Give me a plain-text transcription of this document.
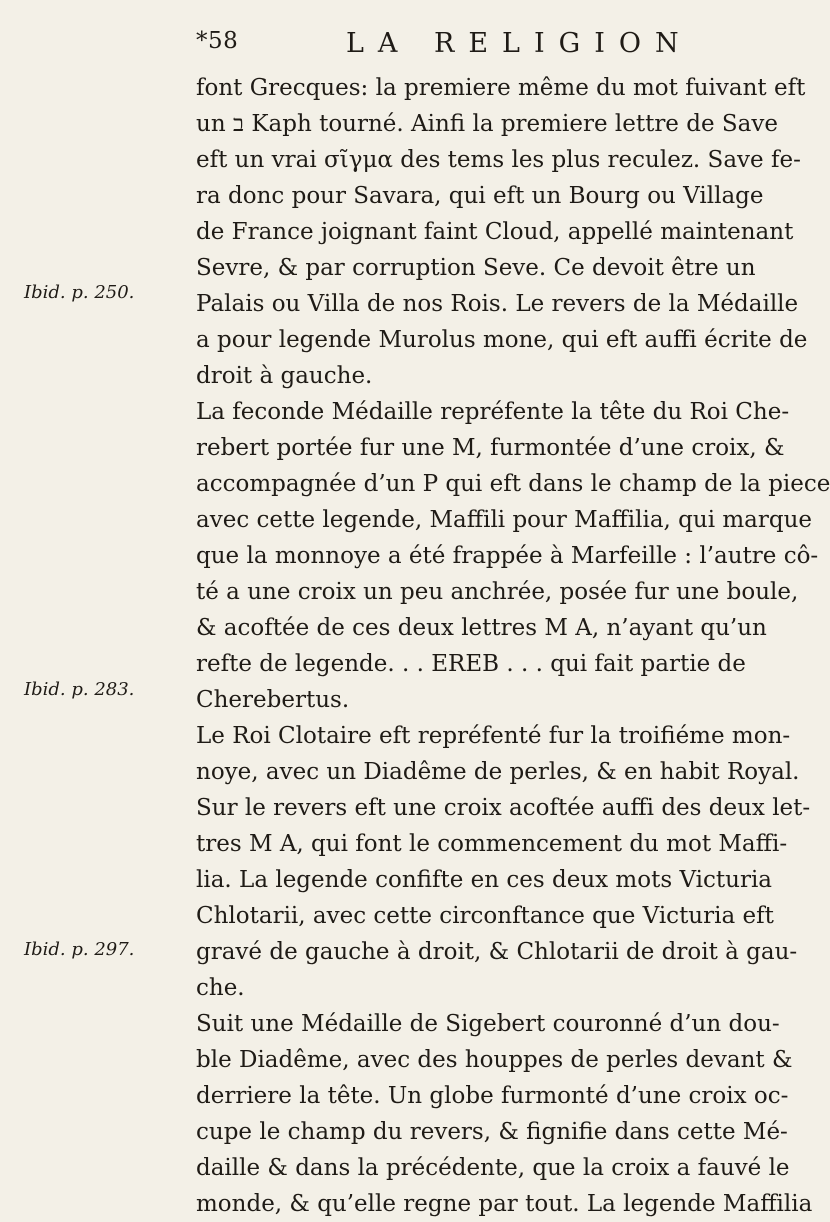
*58	LA RELIGION
Ibid. p. 250.
Ibid. p. 283.
Ibid. p. 297.
font Grecques: la premiere même du mot fuivant eft
un ב Kaph tourné. Ainfi la premiere lettre de Save
eft un vrai σῖγμα des tems les plus reculez. Save fe-
ra donc pour Savara, qui eft un Bourg ou Village
de France joignant faint Cloud, appellé maintenant
Sevre, & par corruption Seve. Ce devoit être un
Palais ou Villa de nos Rois. Le revers de la Médaille
a pour legende Murolus mone, qui eft auffi écrite de
droit à gauche.
La feconde Médaille repréfente la tête du Roi Che-
rebert portée fur une M, furmontée d’une croix, &
accompagnée d’un P qui eft dans le champ de la piece
avec cette legende, Maffili pour Maffilia, qui marque
que la monnoye a été frappée à Marfeille : l’autre cô-
té a une croix un peu anchrée, posée fur une boule,
& acoftée de ces deux lettres M A, n’ayant qu’un
refte de legende. . . EREB . . . qui fait partie de
Cherebertus.
Le Roi Clotaire eft repréfenté fur la troifiéme mon-
noye, avec un Diadême de perles, & en habit Royal.
Sur le revers eft une croix acoftée auffi des deux let-
tres M A, qui font le commencement du mot Maffi-
lia. La legende confifte en ces deux mots Victuria
Chlotarii, avec cette circonftance que Victuria eft
gravé de gauche à droit, & Chlotarii de droit à gau-
che.
Suit une Médaille de Sigebert couronné d’un dou-
ble Diadême, avec des houppes de perles devant &
derriere la tête. Un globe furmonté d’une croix oc-
cupe le champ du revers, & fignifie dans cette Mé-
daille & dans la précédente, que la croix a fauvé le
monde, & qu’elle regne par tout. La legende Maffilia
